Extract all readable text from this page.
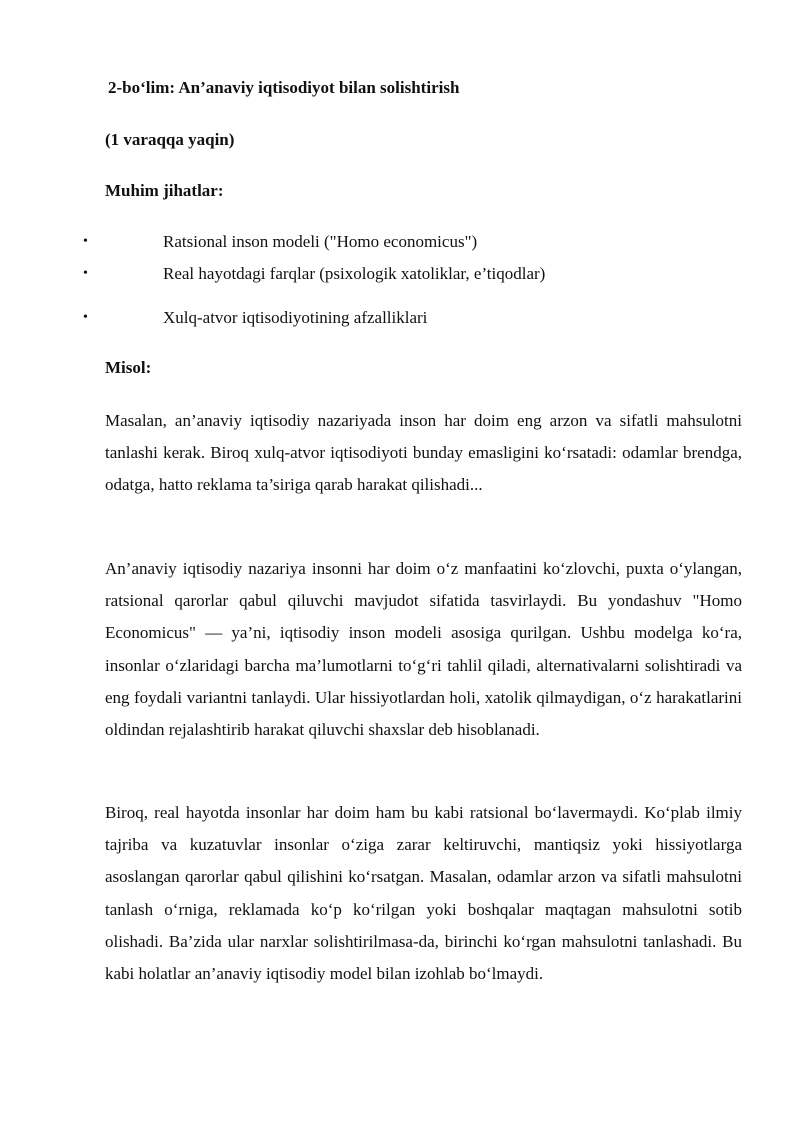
2-bo‘lim: An’anaviy iqtisodiyot bilan solishtirish
(1 varaqqa yaqin)
Muhim jihatlar:
•	Ratsional inson modeli ("Homo economicus")
•	Real hayotdagi farqlar (psixologik xatoliklar, e’tiqodlar)
•	Xulq-atvor iqtisodiyotining afzalliklari
Misol:

Masalan, an’anaviy iqtisodiy nazariyada inson har doim eng arzon va sifatli mahsulotni tanlashi kerak. Biroq xulq-atvor iqtisodiyoti bunday emasligini ko‘rsatadi: odamlar brendga, odatga, hatto reklama ta’siriga qarab harakat qilishadi...

An’anaviy iqtisodiy nazariya insonni har doim o‘z manfaatini ko‘zlovchi, puxta o‘ylangan, ratsional qarorlar qabul qiluvchi mavjudot sifatida tasvirlaydi. Bu yondashuv "Homo Economicus" — ya’ni, iqtisodiy inson modeli asosiga qurilgan. Ushbu modelga ko‘ra, insonlar o‘zlaridagi barcha ma’lumotlarni to‘g‘ri tahlil qiladi, alternativalarni solishtiradi va eng foydali variantni tanlaydi. Ular hissiyotlardan holi, xatolik qilmaydigan, o‘z harakatlarini oldindan rejalashtirib harakat qiluvchi shaxslar deb hisoblanadi.

Biroq, real hayotda insonlar har doim ham bu kabi ratsional bo‘lavermaydi. Ko‘plab ilmiy tajriba va kuzatuvlar insonlar o‘ziga zarar keltiruvchi, mantiqsiz yoki hissiyotlarga asoslangan qarorlar qabul qilishini ko‘rsatgan. Masalan, odamlar arzon va sifatli mahsulotni tanlash o‘rniga, reklamada ko‘p ko‘rilgan yoki boshqalar maqtagan mahsulotni sotib olishadi. Ba’zida ular narxlar solishtirilmasa-da, birinchi ko‘rgan mahsulotni tanlashadi. Bu kabi holatlar an’anaviy iqtisodiy model bilan izohlab bo‘lmaydi.
